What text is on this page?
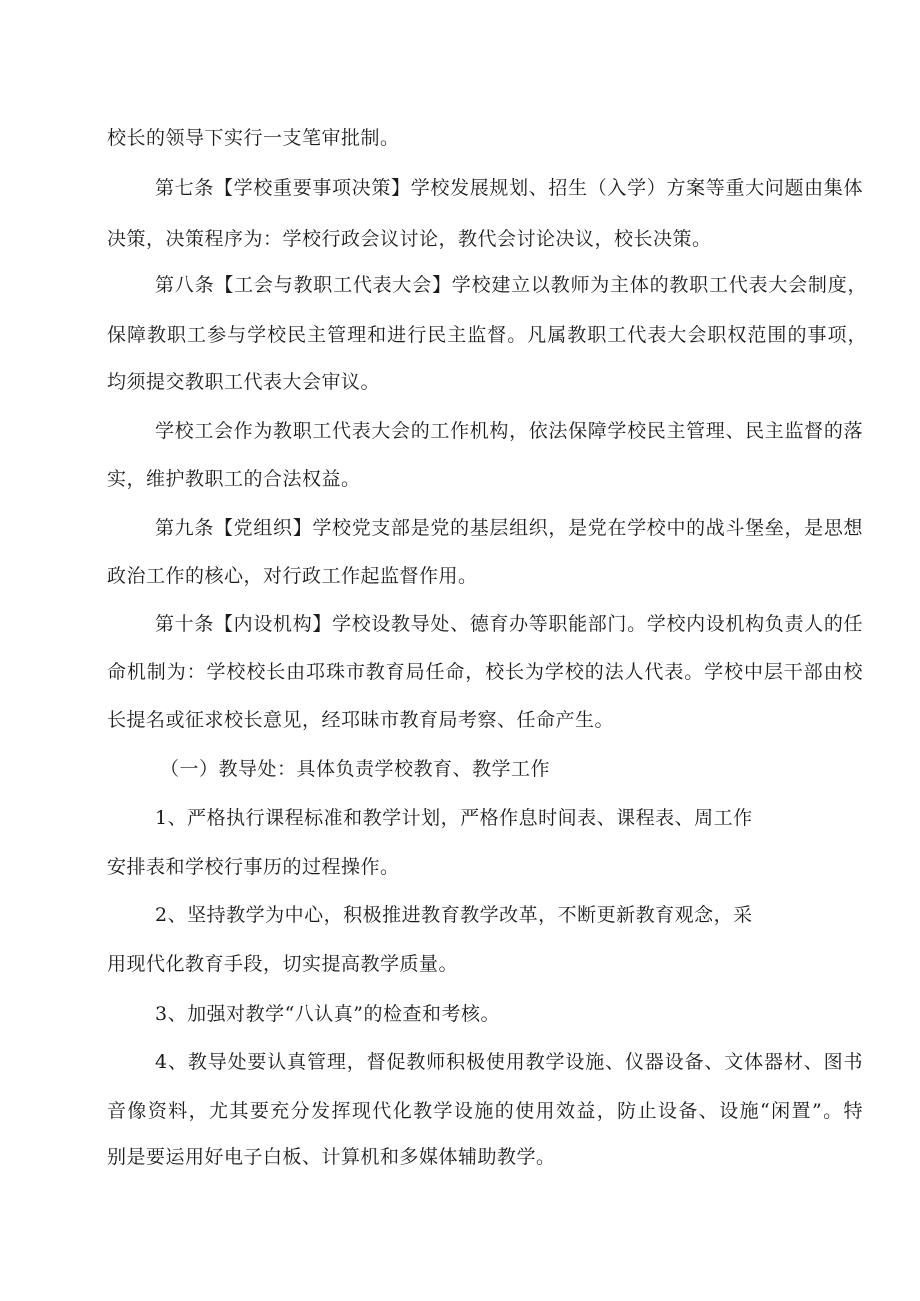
校长的领导下实行一支笔审批制。

第七条【学校重要事项决策】学校发展规划、招生（入学）方案等重大问题由集体

决策，决策程序为：学校行政会议讨论，教代会讨论决议，校长决策。

第八条【工会与教职工代表大会】学校建立以教师为主体的教职工代表大会制度，

保障教职工参与学校民主管理和进行民主监督。凡属教职工代表大会职权范围的事项，

均须提交教职工代表大会审议。

学校工会作为教职工代表大会的工作机构，依法保障学校民主管理、民主监督的落

实，维护教职工的合法权益。

第九条【党组织】学校党支部是党的基层组织，是党在学校中的战斗堡垒，是思想

政治工作的核心，对行政工作起监督作用。

第十条【内设机构】学校设教导处、德育办等职能部门。学校内设机构负责人的任

命机制为：学校校长由邛珠市教育局任命，校长为学校的法人代表。学校中层干部由校

长提名或征求校长意见，经邛昧市教育局考察、任命产生。

（一）教导处：具体负责学校教育、教学工作

1、严格执行课程标准和教学计划，严格作息时间表、课程表、周工作

安排表和学校行事历的过程操作。

2、坚持教学为中心，积极推进教育教学改革，不断更新教育观念，采

用现代化教育手段，切实提高教学质量。

3、加强对教学“八认真”的检查和考核。

4、教导处要认真管理，督促教师积极使用教学设施、仪器设备、文体器材、图书

音像资料，尤其要充分发挥现代化教学设施的使用效益，防止设备、设施“闲置”。特

别是要运用好电子白板、计算机和多媒体辅助教学。
